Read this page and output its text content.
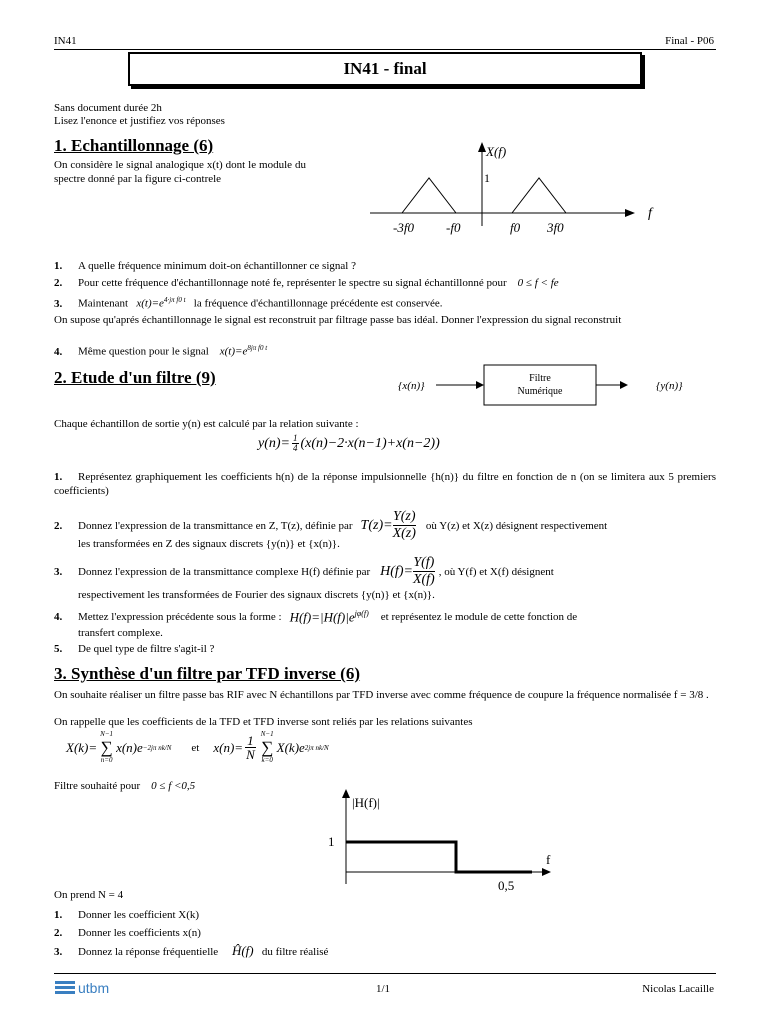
IN41	Final - P06
IN41 - final
Sans document durée 2h
Lisez l'enonce et justifiez vos réponses
1. Echantillonnage (6)
On considère le signal analogique x(t) dont le module du spectre donné par la figure ci-contrele
X(f)
1
f
-3f0 -f0	f0 3f0
1. A quelle fréquence minimum doit-on échantillonner ce signal ?
2. Pour cette fréquence d'échantillonnage noté fe, représenter le spectre su signal échantillonné pour 0 ≤ f < fe
3. Maintenant $x(t)=e^{4\cdot j\pi f0 t}$ la fréquence d'échantillonnage précédente est conservée.
On supose qu'aprés échantillonnage le signal est reconstruit par filtrage passe bas idéal. Donner l'expression du signal reconstruit
4. Même question pour le signal $x(t)=e^{8j\pi f0 t}$
2. Etude d'un filtre (9)	{x(n)}
Filtre
Numérique	{y(n)}
Chaque échantillon de sortie y(n) est calculé par la relation suivante :
$y(n)= \frac{1}{4} (x(n)-2\cdot x(n-1)+x(n-2))$
1. Représentez graphiquement les coefficients h(n) de la réponse impulsionnelle {h(n)} du filtre en fonction de n (on se limitera aux 5 premiers coefficients)
2.	Donnez l'expression de la transmittance en Z, T(z), définie par $T(z)= \frac{Y(z)}{X(z)}$ où Y(z) et X(z) désignent respectivement
les transformées en Z des signaux discrets {y(n)} et {x(n)}.
3.	Donnez l'expression de la transmittance complexe H(f) définie par $H(f)= \frac{Y(f)}{X(f)}$ , où Y(f) et X(f) désignent
respectivement les transformées de Fourier des signaux discrets {y(n)} et {x(n)}.
4.	Mettez l'expression précédente sous la forme : $H(f)=|H(f)|e^{j\varphi(f)}$ et représentez le module de cette fonction de
transfert complexe.
5. De quel type de filtre s'agit-il ?
3. Synthèse d'un filtre par TFD inverse (6)
On souhaite réaliser un filtre passe bas RIF avec N échantillons par TFD inverse avec comme fréquence de coupure la fréquence normalisée f = 3/8 .
On rappelle que les coefficients de la TFD et TFD inverse sont reliés par les relations suivantes
X(k)=
N−1
∑
n=0
x(n)e −2jπ nk/N et $x(n)= \frac{1}{N} N-1$
∑
k=0
X(k)e 2jπ nk/N
Filtre souhaité pour 0 ≤ f <0,5
|H(f)|
1
f
0,5
On prend N = 4
1. Donner les coefficient X(k)
2. Donner les coefficients x(n)
3. Donnez la réponse fréquentielle Ĥ(f) du filtre réalisé
utbm	1/1	Nicolas Lacaille
